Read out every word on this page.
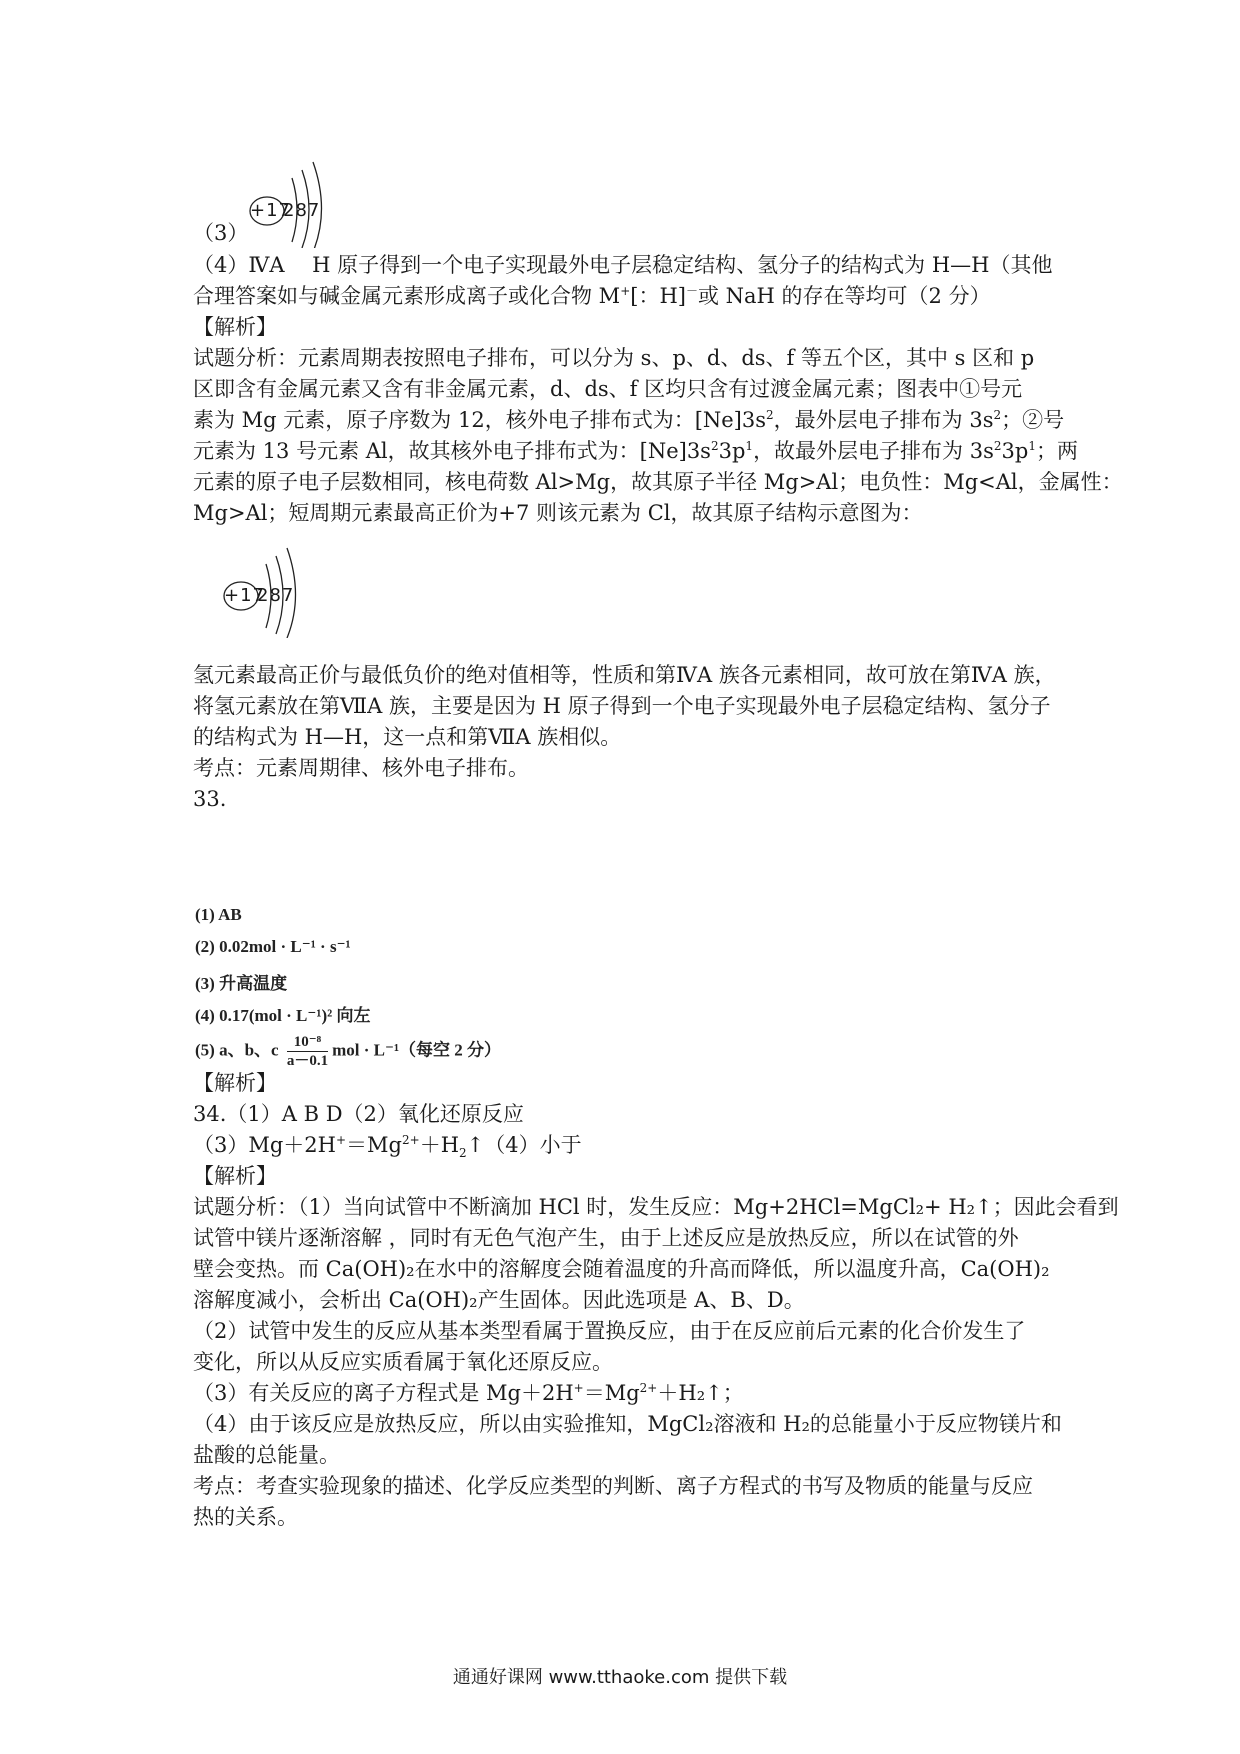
+17
287
（3）
（4）ⅣA　 H 原子得到一个电子实现最外电子层稳定结构、氢分子的结构式为 H—H（其他
合理答案如与碱金属元素形成离子或化合物 M+[：H]－或 NaH 的存在等均可（2 分）
【解析】
试题分析：元素周期表按照电子排布，可以分为 s、p、d、ds、f 等五个区，其中 s 区和 p
区即含有金属元素又含有非金属元素，d、ds、f 区均只含有过渡金属元素；图表中①号元
素为 Mg 元素，原子序数为 12，核外电子排布式为：$[Ne]3s^2$，最外层电子排布为 $3s^2$；②号
元素为 13 号元素 Al，故其核外电子排布式为：$[Ne]3s^23p^1$，故最外层电子排布为 $3s^23p^1$；两
元素的原子电子层数相同，核电荷数 Al>Mg，故其原子半径 Mg>Al；电负性：Mg<Al，金属性：
Mg>Al；短周期元素最高正价为+7 则该元素为 Cl，故其原子结构示意图为：
+17
287
氢元素最高正价与最低负价的绝对值相等，性质和第ⅣA 族各元素相同，故可放在第ⅣA 族，
将氢元素放在第ⅦA 族，主要是因为 H 原子得到一个电子实现最外电子层稳定结构、氢分子
的结构式为 H—H，这一点和第ⅦA 族相似。
考点：元素周期律、核外电子排布。
33.
(1) AB
(2) 0.02mol · L⁻¹ · s⁻¹
(3) 升高温度
(4) 0.17(mol · L⁻¹)² 向左
(5) a、b、c $\frac{\text{10⁻⁸}}{a-0.1}$ mol · L⁻¹（每空 2 分）
【解析】
34.（1）A B D（2）氧化还原反应
$(3)Mg+2H^+=Mg^{2+}+H_2↑(4)$小于
【解析】
试题分析：（1）当向试管中不断滴加 HCl 时，发生反应：Mg+2HCl=MgCl₂+ H₂↑；因此会看到
试管中镁片逐渐溶解 ，同时有无色气泡产生，由于上述反应是放热反应，所以在试管的外
壁会变热。而 Ca(OH)₂在水中的溶解度会随着温度的升高而降低，所以温度升高，Ca(OH)₂
溶解度减小，会析出 Ca(OH)₂产生固体。因此选项是 A、B、D。
（2）试管中发生的反应从基本类型看属于置换反应，由于在反应前后元素的化合价发生了
变化，所以从反应实质看属于氧化还原反应。
（3）有关反应的离子方程式是 $Mg+2H^+=Mg^{2+}+H_2↑$；
（4）由于该反应是放热反应，所以由实验推知，MgCl₂溶液和 H₂的总能量小于反应物镁片和
盐酸的总能量。
考点：考查实验现象的描述、化学反应类型的判断、离子方程式的书写及物质的能量与反应
热的关系。
通通好课网 www.tthaoke.com 提供下载
